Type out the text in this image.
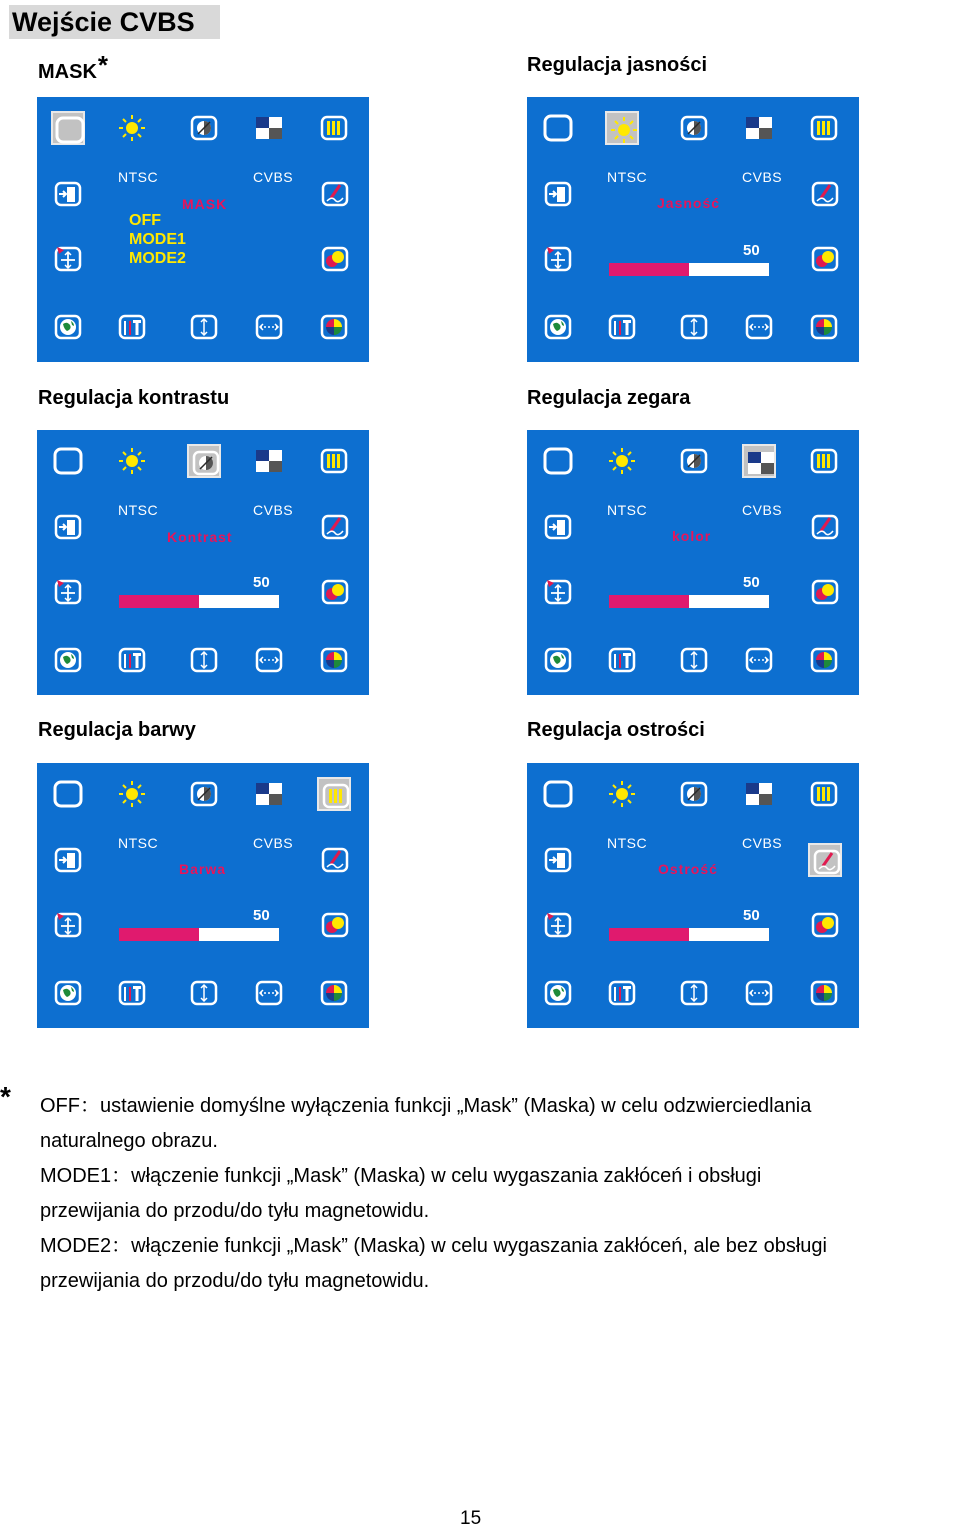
Wejście CVBS
MASK*	Regulacja jasności
Regulacja kontrastu	Regulacja zegara
Regulacja barwy	Regulacja ostrości
NTSC	CVBS
MASK
OFF
MODE1
MODE2
NTSC	CVBS
Jasność
50
NTSC	CVBS
Kontrast
50
NTSC	CVBS
kolor
50
NTSC	CVBS
Barwa
50
NTSC	CVBS
Ostrość
50
* OFF：ustawienie domyślne wyłączenia funkcji „Mask” (Maska) w celu odzwierciedlania
naturalnego obrazu.
MODE1：włączenie funkcji „Mask” (Maska) w celu wygaszania zakłóceń i obsługi
przewijania do przodu/do tyłu magnetowidu.
MODE2：włączenie funkcji „Mask” (Maska) w celu wygaszania zakłóceń, ale bez obsługi
przewijania do przodu/do tyłu magnetowidu.
15
